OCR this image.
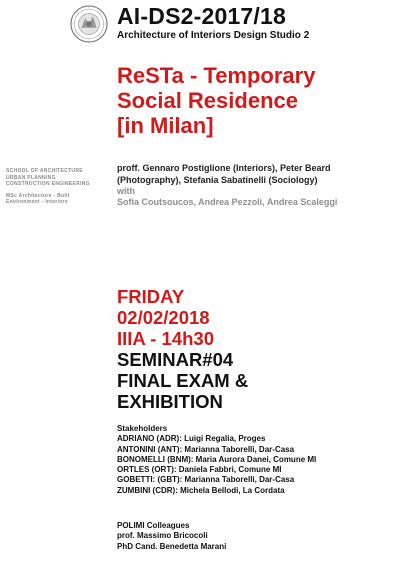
AI-DS2-2017/18
Architecture of Interiors Design Studio 2
ReSTa - Temporary
Social Residence
[in Milan]
SCHOOL OF ARCHITECTURE
URBAN PLANNING
CONSTRUCTION ENGINEERING
MSc Architecture - Built
Environment - Interiors
proff. Gennaro Postiglione (Interiors), Peter Beard (Photography), Stefania Sabatinelli (Sociology)
with
Sofia Coutsoucos, Andrea Pezzoli, Andrea Scaleggi
FRIDAY
02/02/2018
IIIA - 14h30
SEMINAR#04
FINAL EXAM &
EXHIBITION
Stakeholders
ADRIANO (ADR): Luigi Regalia, Proges
ANTONINI (ANT): Marianna Taborelli, Dar-Casa
BONOMELLI (BNM): Maria Aurora Danei, Comune MI
ORTLES (ORT): Daniela Fabbri, Comune MI
GOBETTI: (GBT): Marianna Taborelli, Dar-Casa
ZUMBINI (CDR): Michela Bellodi, La Cordata
POLIMI Colleagues
prof. Massimo Bricocoli
PhD Cand. Benedetta Marani
